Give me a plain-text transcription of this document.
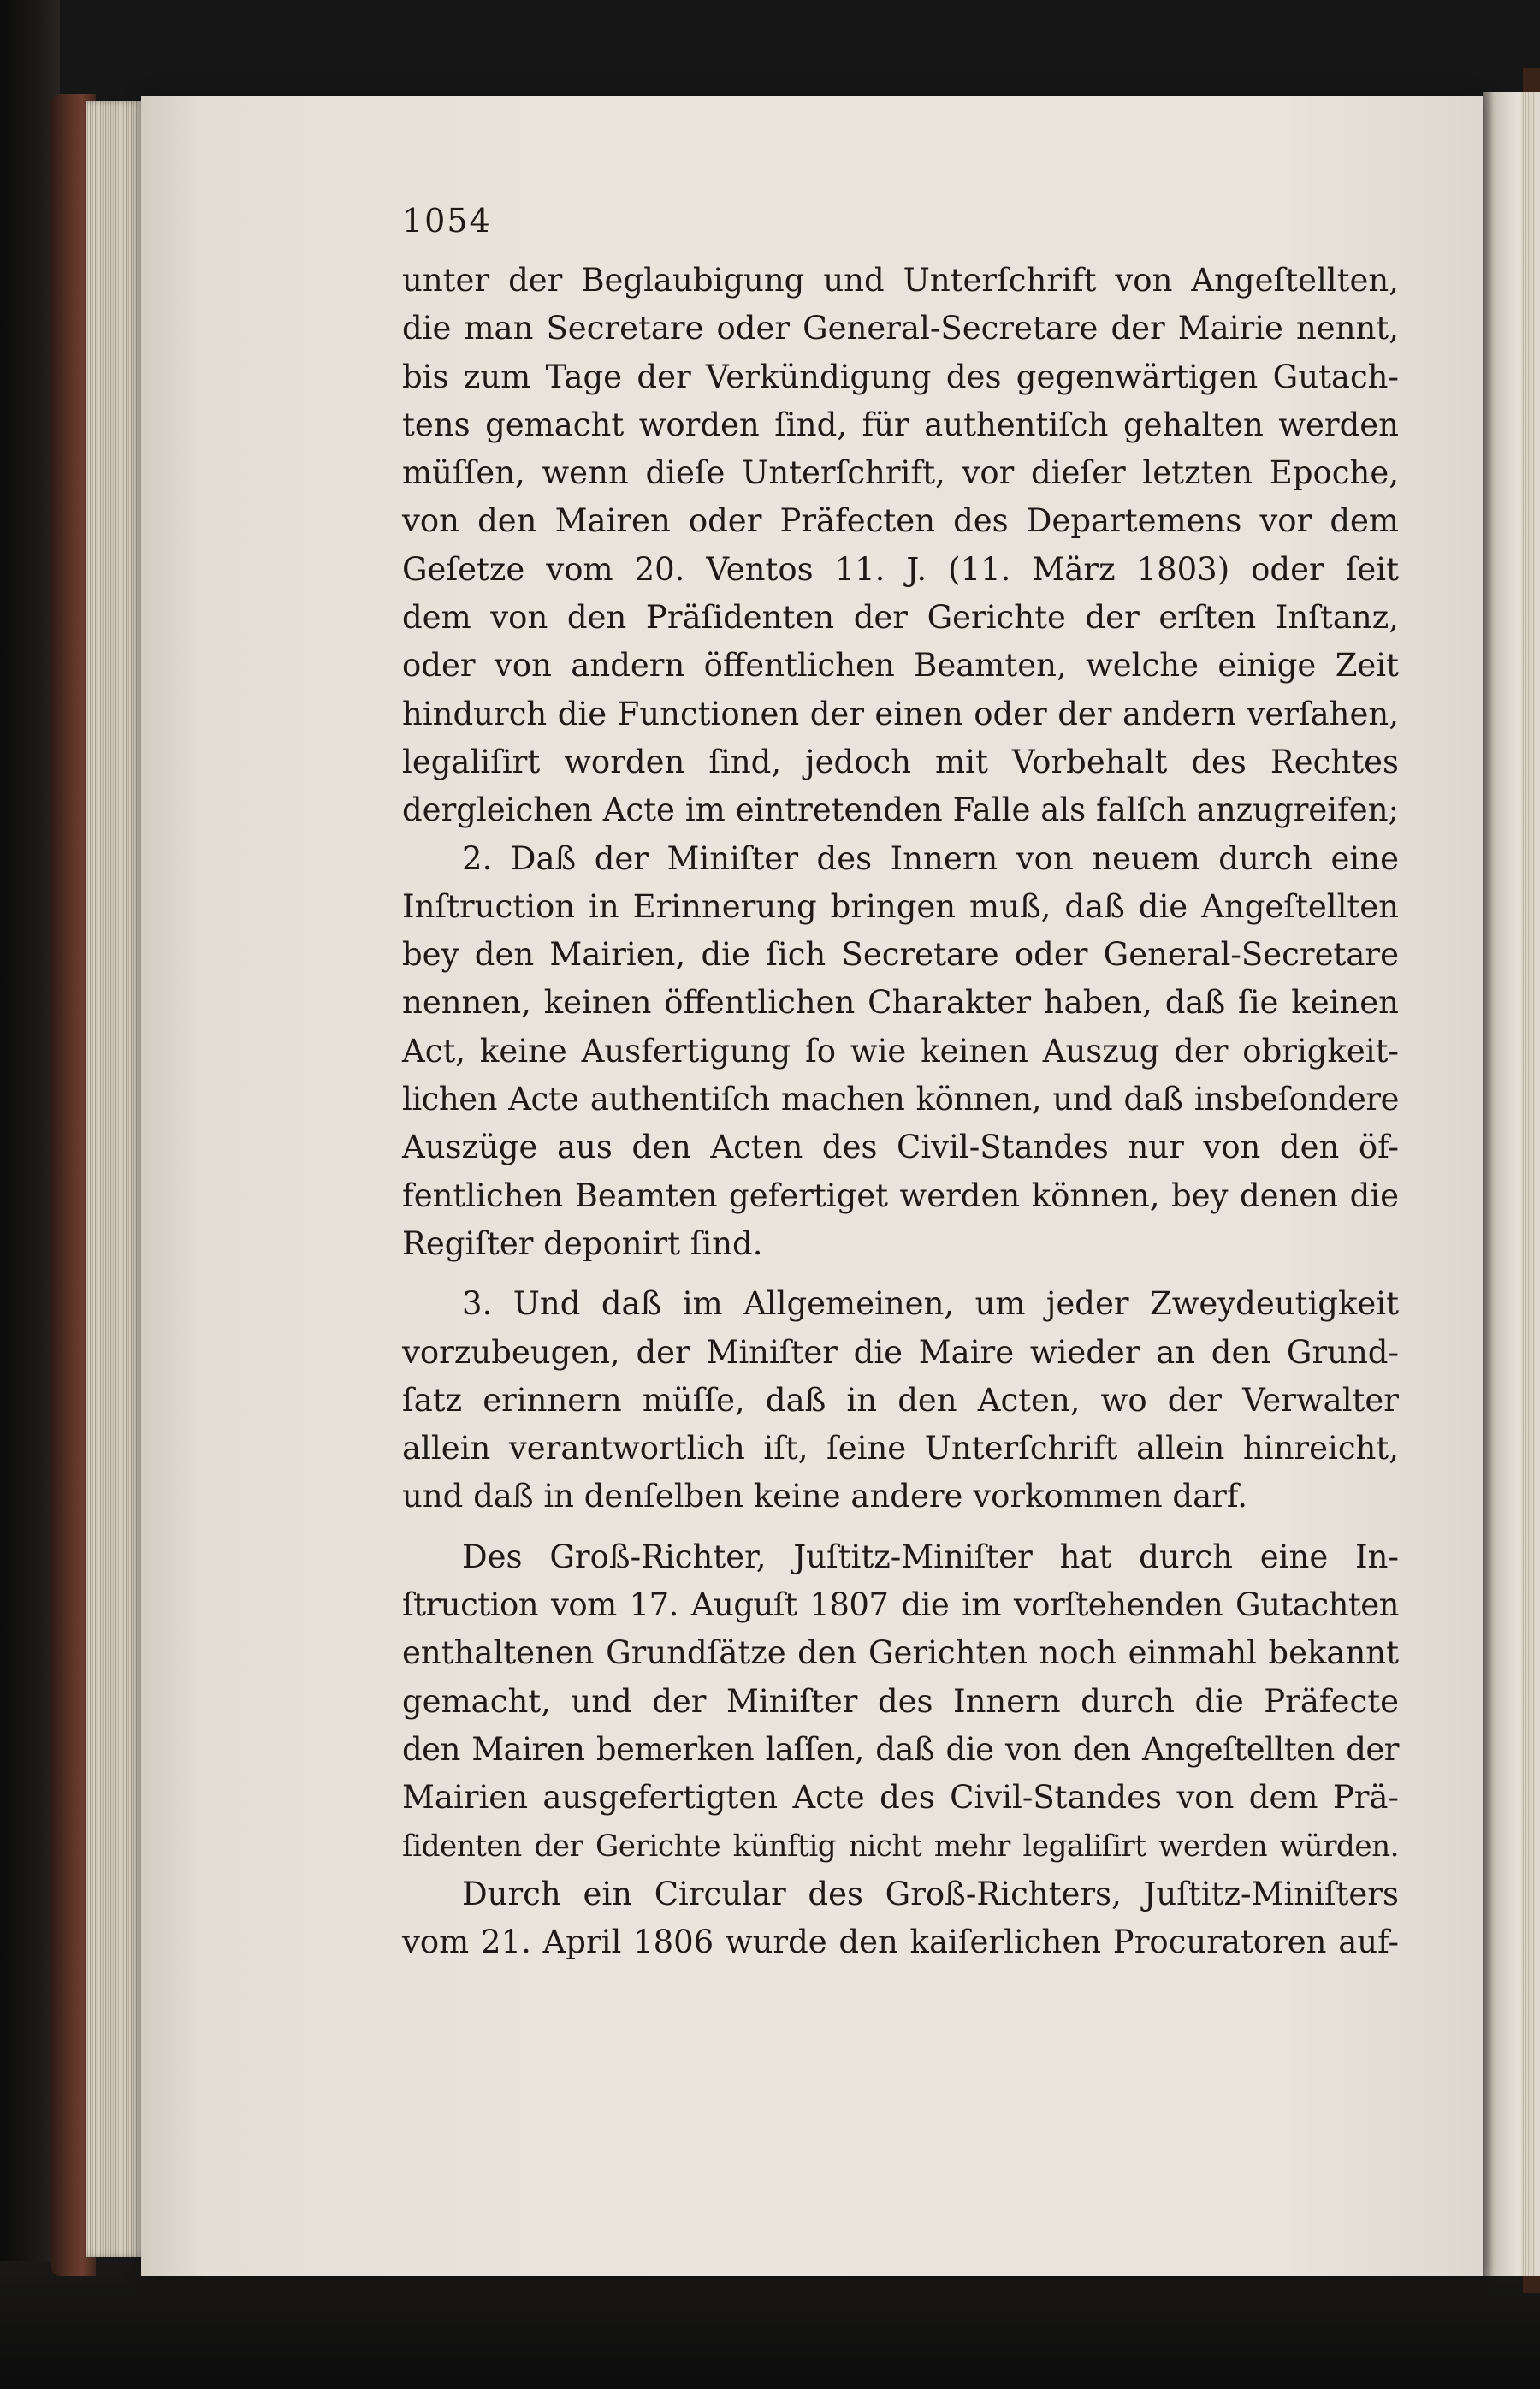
1054
unter der Beglaubigung und Unterſchrift von Angeſtellten,
die man Secretare oder General-Secretare der Mairie nennt,
bis zum Tage der Verkündigung des gegenwärtigen Gutach-
tens gemacht worden ſind, für authentiſch gehalten werden
müſſen, wenn dieſe Unterſchrift, vor dieſer letzten Epoche,
von den Mairen oder Präfecten des Departemens vor dem
Geſetze vom 20. Ventos 11. J. (11. März 1803) oder ſeit
dem von den Präſidenten der Gerichte der erſten Inſtanz,
oder von andern öffentlichen Beamten, welche einige Zeit
hindurch die Functionen der einen oder der andern verſahen,
legaliſirt worden ſind, jedoch mit Vorbehalt des Rechtes
dergleichen Acte im eintretenden Falle als falſch anzugreifen;
2. Daß der Miniſter des Innern von neuem durch eine
Inſtruction in Erinnerung bringen muß, daß die Angeſtellten
bey den Mairien, die ſich Secretare oder General-Secretare
nennen, keinen öffentlichen Charakter haben, daß ſie keinen
Act, keine Ausfertigung ſo wie keinen Auszug der obrigkeit-
lichen Acte authentiſch machen können, und daß insbeſondere
Auszüge aus den Acten des Civil-Standes nur von den öf-
fentlichen Beamten gefertiget werden können, bey denen die
Regiſter deponirt ſind.
3. Und daß im Allgemeinen, um jeder Zweydeutigkeit
vorzubeugen, der Miniſter die Maire wieder an den Grund-
ſatz erinnern müſſe, daß in den Acten, wo der Verwalter
allein verantwortlich iſt, ſeine Unterſchrift allein hinreicht,
und daß in denſelben keine andere vorkommen darf.
Des Groß-Richter, Juſtitz-Miniſter hat durch eine In-
ſtruction vom 17. Auguſt 1807 die im vorſtehenden Gutachten
enthaltenen Grundſätze den Gerichten noch einmahl bekannt
gemacht, und der Miniſter des Innern durch die Präfecte
den Mairen bemerken laſſen, daß die von den Angeſtellten der
Mairien ausgefertigten Acte des Civil-Standes von dem Prä-
ſidenten der Gerichte künftig nicht mehr legaliſirt werden würden.
Durch ein Circular des Groß-Richters, Juſtitz-Miniſters
vom 21. April 1806 wurde den kaiſerlichen Procuratoren auf-
